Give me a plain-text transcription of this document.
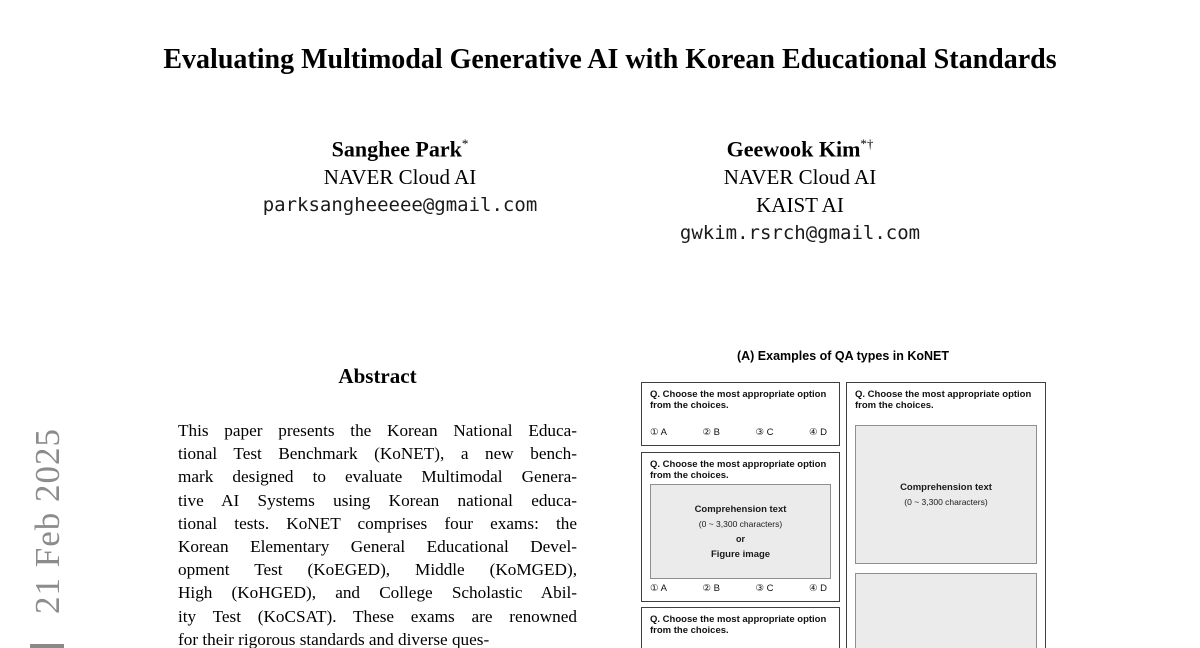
21 Feb 2025
Evaluating Multimodal Generative AI with Korean Educational Standards
Sanghee Park*
NAVER Cloud AI
parksangheeeee@gmail.com
Geewook Kim*†
NAVER Cloud AI
KAIST AI
gwkim.rsrch@gmail.com
Abstract
This paper presents the Korean National Educa-
tional Test Benchmark (KoNET), a new bench-
mark designed to evaluate Multimodal Genera-
tive AI Systems using Korean national educa-
tional tests. KoNET comprises four exams: the
Korean Elementary General Educational Devel-
opment Test (KoEGED), Middle (KoMGED),
High (KoHGED), and College Scholastic Abil-
ity Test (KoCSAT). These exams are renowned
for their rigorous standards and diverse ques-
(A) Examples of QA types in KoNET
Q. Choose the most appropriate option
from the choices.
① A	② B	③ C	④ D
Q. Choose the most appropriate option
from the choices.
Comprehension text
(0 ~ 3,300 characters)
or
Figure image
① A	② B	③ C	④ D
Q. Choose the most appropriate option
from the choices.
Q. Choose the most appropriate option
from the choices.
Comprehension text
(0 ~ 3,300 characters)
